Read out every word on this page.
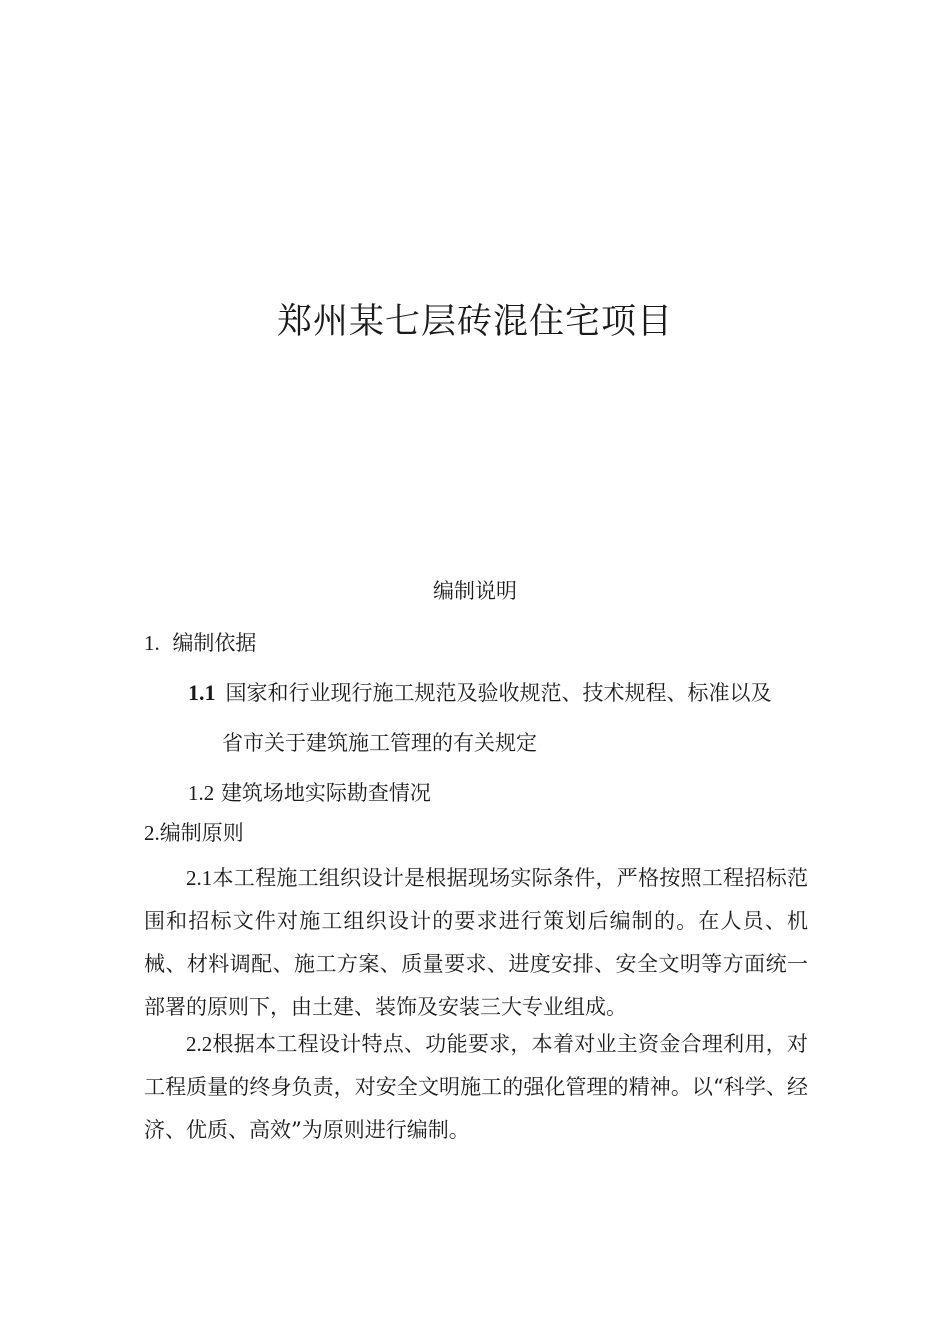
郑州某七层砖混住宅项目
编制说明
1. 编制依据
1.1 国家和行业现行施工规范及验收规范、技术规程、标准以及
省市关于建筑施工管理的有关规定
1.2 建筑场地实际勘查情况
2.编制原则
2.1本工程施工组织设计是根据现场实际条件，严格按照工程招标范围和招标文件对施工组织设计的要求进行策划后编制的。在人员、机械、材料调配、施工方案、质量要求、进度安排、安全文明等方面统一部署的原则下，由土建、装饰及安装三大专业组成。
2.2根据本工程设计特点、功能要求，本着对业主资金合理利用，对工程质量的终身负责，对安全文明施工的强化管理的精神。以“科学、经济、优质、高效”为原则进行编制。
